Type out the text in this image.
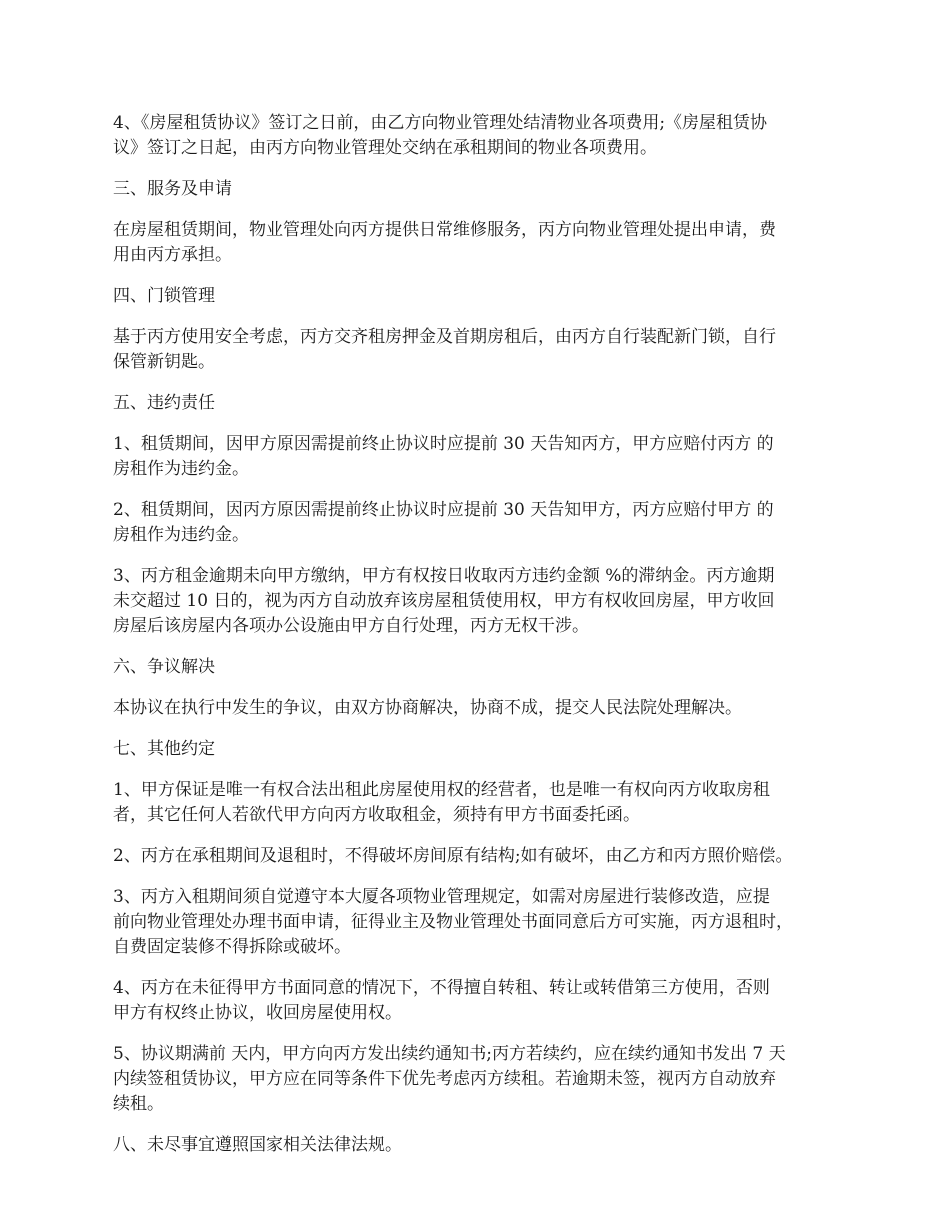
4、《房屋租赁协议》签订之日前，由乙方向物业管理处结清物业各项费用;《房屋租赁协
议》签订之日起，由丙方向物业管理处交纳在承租期间的物业各项费用。

三、服务及申请

在房屋租赁期间，物业管理处向丙方提供日常维修服务，丙方向物业管理处提出申请，费
用由丙方承担。

四、门锁管理

基于丙方使用安全考虑，丙方交齐租房押金及首期房租后，由丙方自行装配新门锁，自行
保管新钥匙。

五、违约责任

1、租赁期间，因甲方原因需提前终止协议时应提前 30 天告知丙方，甲方应赔付丙方 的
房租作为违约金。

2、租赁期间，因丙方原因需提前终止协议时应提前 30 天告知甲方，丙方应赔付甲方 的
房租作为违约金。

3、丙方租金逾期未向甲方缴纳，甲方有权按日收取丙方违约金额 %的滞纳金。丙方逾期
未交超过 10 日的，视为丙方自动放弃该房屋租赁使用权，甲方有权收回房屋，甲方收回
房屋后该房屋内各项办公设施由甲方自行处理，丙方无权干涉。

六、争议解决

本协议在执行中发生的争议，由双方协商解决，协商不成，提交人民法院处理解决。

七、其他约定

1、甲方保证是唯一有权合法出租此房屋使用权的经营者，也是唯一有权向丙方收取房租
者，其它任何人若欲代甲方向丙方收取租金，须持有甲方书面委托函。

2、丙方在承租期间及退租时，不得破坏房间原有结构;如有破坏，由乙方和丙方照价赔偿。

3、丙方入租期间须自觉遵守本大厦各项物业管理规定，如需对房屋进行装修改造，应提
前向物业管理处办理书面申请，征得业主及物业管理处书面同意后方可实施，丙方退租时，
自费固定装修不得拆除或破坏。

4、丙方在未征得甲方书面同意的情况下，不得擅自转租、转让或转借第三方使用，否则
甲方有权终止协议，收回房屋使用权。

5、协议期满前 天内，甲方向丙方发出续约通知书;丙方若续约，应在续约通知书发出 7 天
内续签租赁协议，甲方应在同等条件下优先考虑丙方续租。若逾期未签，视丙方自动放弃
续租。

八、未尽事宜遵照国家相关法律法规。
